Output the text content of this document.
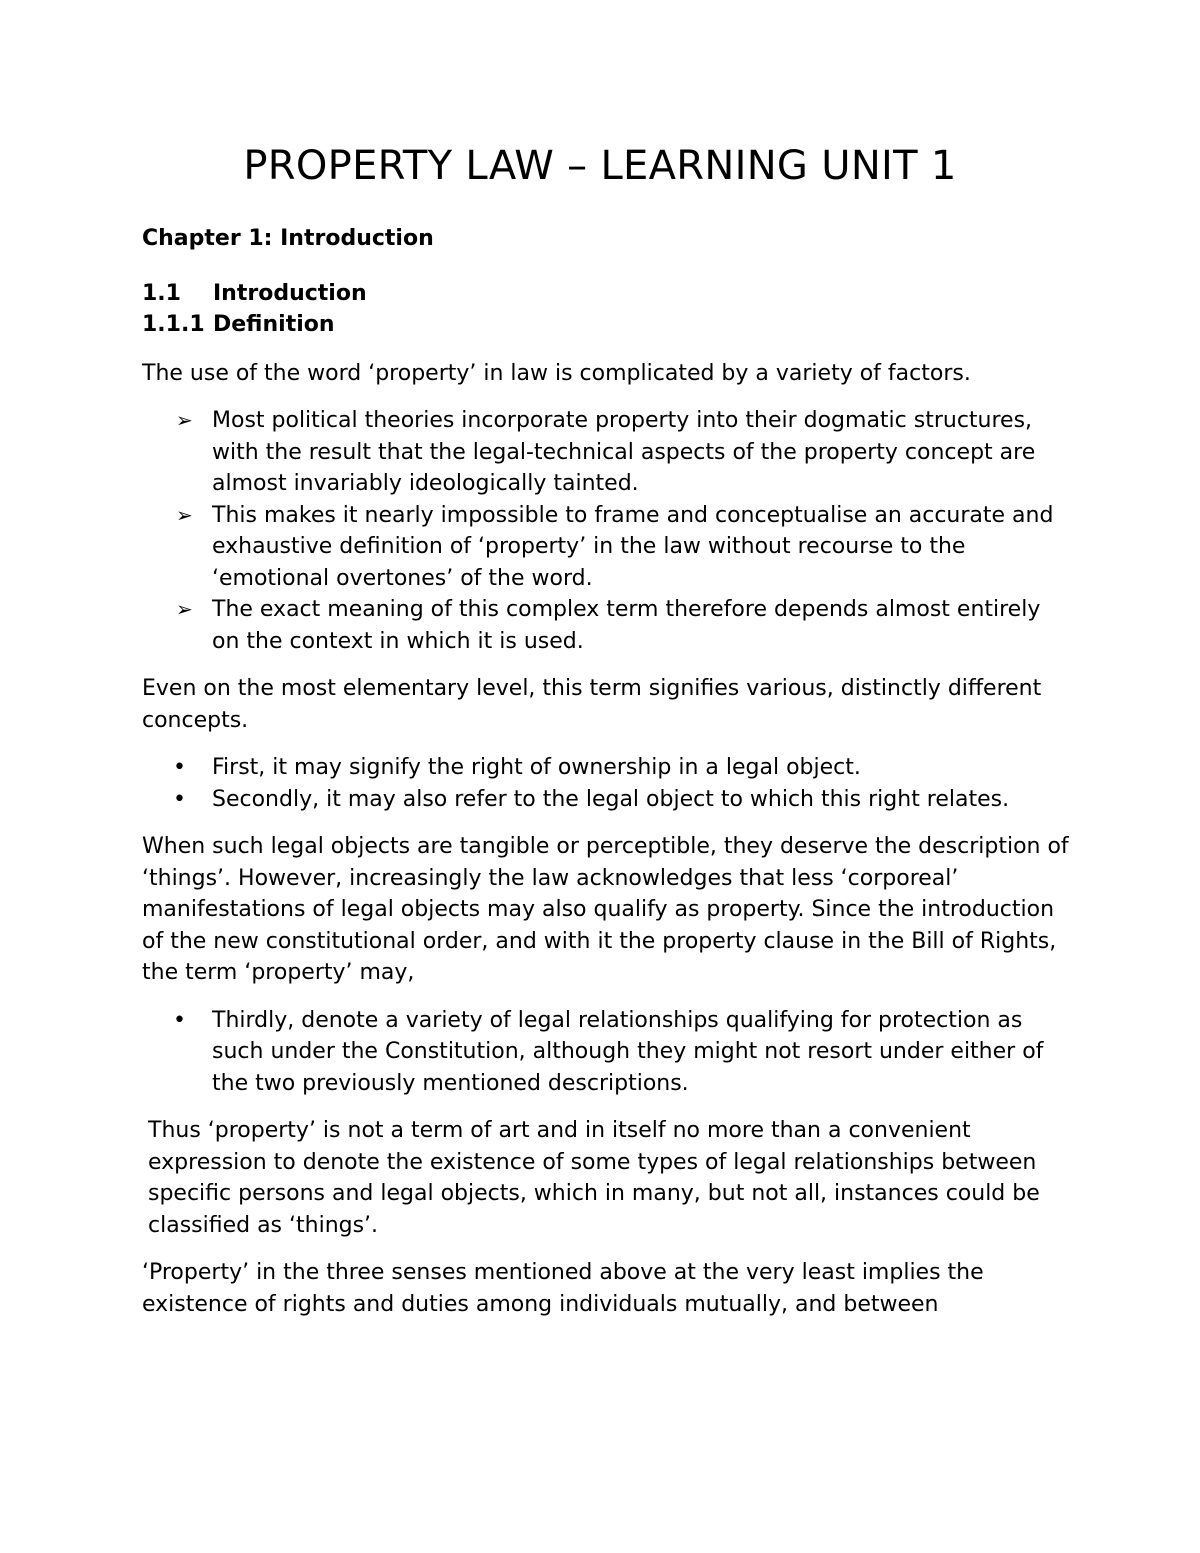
PROPERTY LAW – LEARNING UNIT 1
Chapter 1: Introduction
1.1	Introduction
1.1.1 Definition

The use of the word ‘property’ in law is complicated by a variety of factors.

➢ Most political theories incorporate property into their dogmatic structures, with the result that the legal-technical aspects of the property concept are almost invariably ideologically tainted.
➢ This makes it nearly impossible to frame and conceptualise an accurate and exhaustive definition of ‘property’ in the law without recourse to the ‘emotional overtones’ of the word.
➢ The exact meaning of this complex term therefore depends almost entirely on the context in which it is used.

Even on the most elementary level, this term signifies various, distinctly different concepts.

• First, it may signify the right of ownership in a legal object.
• Secondly, it may also refer to the legal object to which this right relates.

When such legal objects are tangible or perceptible, they deserve the description of ‘things’. However, increasingly the law acknowledges that less ‘corporeal’ manifestations of legal objects may also qualify as property. Since the introduction of the new constitutional order, and with it the property clause in the Bill of Rights, the term ‘property’ may,

• Thirdly, denote a variety of legal relationships qualifying for protection as such under the Constitution, although they might not resort under either of the two previously mentioned descriptions.

Thus ‘property’ is not a term of art and in itself no more than a convenient expression to denote the existence of some types of legal relationships between specific persons and legal objects, which in many, but not all, instances could be classified as ‘things’.

‘Property’ in the three senses mentioned above at the very least implies the existence of rights and duties among individuals mutually, and between
